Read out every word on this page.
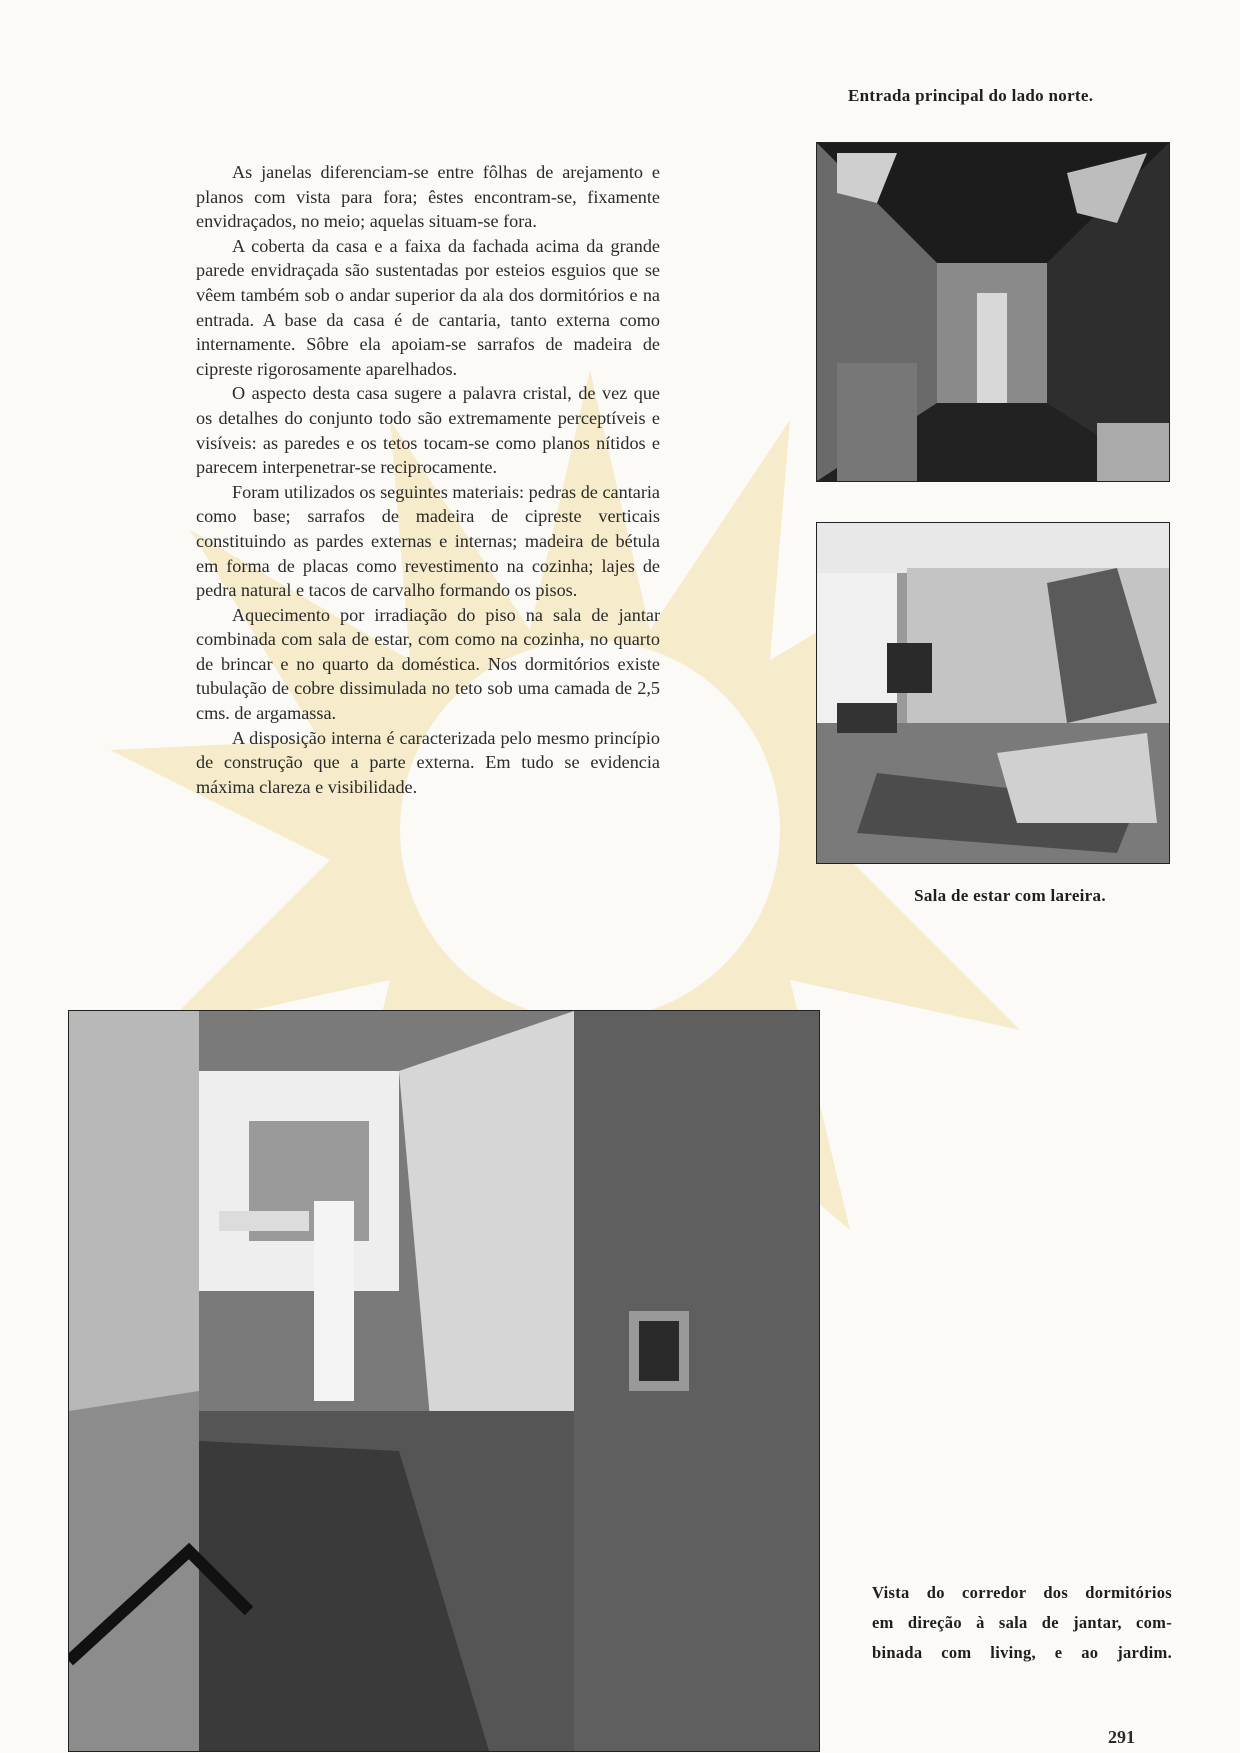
Entrada principal do lado norte.
Sala de estar com lareira.

As janelas diferenciam-se entre fôlhas de arejamento e planos com vista para fora; êstes encontram-se, fixamente envidraçados, no meio; aquelas situam-se fora.

A coberta da casa e a faixa da fachada acima da grande parede envidraçada são sustentadas por esteios esguios que se vêem também sob o andar superior da ala dos dormitórios e na entrada. A base da casa é de cantaria, tanto externa como internamente. Sôbre ela apoiam-se sarrafos de madeira de cipreste rigorosamente aparelhados.

O aspecto desta casa sugere a palavra cristal, de vez que os detalhes do conjunto todo são extremamente perceptíveis e visíveis: as paredes e os tetos tocam-se como planos nítidos e parecem interpenetrar-se reciprocamente.

Foram utilizados os seguintes materiais: pedras de cantaria como base; sarrafos de madeira de cipreste verticais constituindo as pardes externas e internas; madeira de bétula em forma de placas como revestimento na cozinha; lajes de pedra natural e tacos de carvalho formando os pisos.

Aquecimento por irradiação do piso na sala de jantar combinada com sala de estar, com como na cozinha, no quarto de brincar e no quarto da doméstica. Nos dormitórios existe tubulação de cobre dissimulada no teto sob uma camada de 2,5 cms. de argamassa.

A disposição interna é caracterizada pelo mesmo princípio de construção que a parte externa. Em tudo se evidencia máxima clareza e visibilidade.

Vista do corredor dos dormitórios
em direção à sala de jantar, com-
binada com living, e ao jardim.
291
